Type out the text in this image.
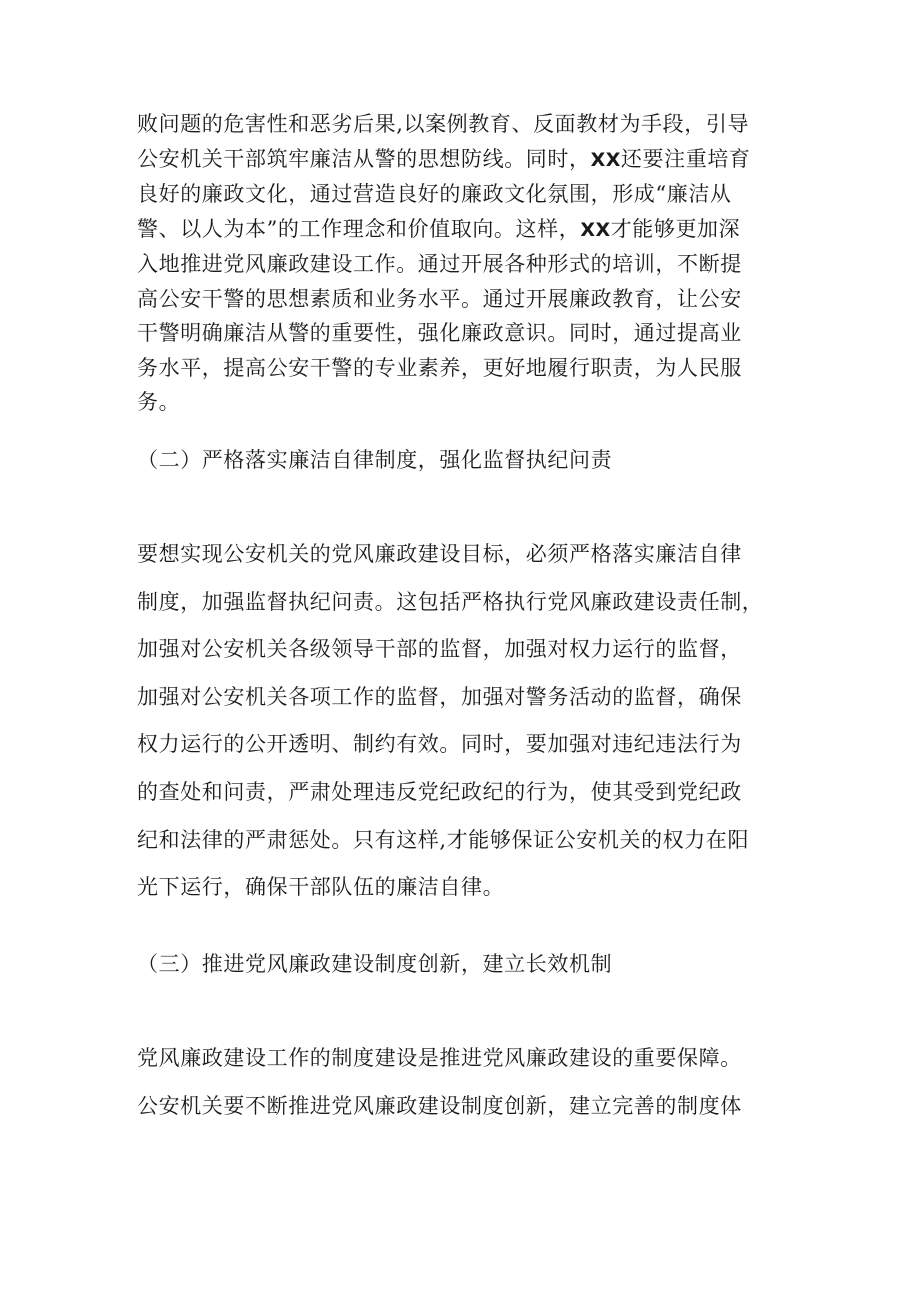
败问题的危害性和恶劣后果,以案例教育、反面教材为手段，引导
公安机关干部筑牢廉洁从警的思想防线。同时，XX还要注重培育
良好的廉政文化，通过营造良好的廉政文化氛围，形成“廉洁从
警、以人为本”的工作理念和价值取向。这样，XX才能够更加深
入地推进党风廉政建设工作。通过开展各种形式的培训，不断提
高公安干警的思想素质和业务水平。通过开展廉政教育，让公安
干警明确廉洁从警的重要性，强化廉政意识。同时，通过提高业
务水平，提高公安干警的专业素养，更好地履行职责，为人民服
务。
（二）严格落实廉洁自律制度，强化监督执纪问责
要想实现公安机关的党风廉政建设目标，必须严格落实廉洁自律
制度，加强监督执纪问责。这包括严格执行党风廉政建设责任制，
加强对公安机关各级领导干部的监督，加强对权力运行的监督，
加强对公安机关各项工作的监督，加强对警务活动的监督，确保
权力运行的公开透明、制约有效。同时，要加强对违纪违法行为
的查处和问责，严肃处理违反党纪政纪的行为，使其受到党纪政
纪和法律的严肃惩处。只有这样,才能够保证公安机关的权力在阳
光下运行，确保干部队伍的廉洁自律。
（三）推进党风廉政建设制度创新，建立长效机制
党风廉政建设工作的制度建设是推进党风廉政建设的重要保障。
公安机关要不断推进党风廉政建设制度创新，建立完善的制度体
